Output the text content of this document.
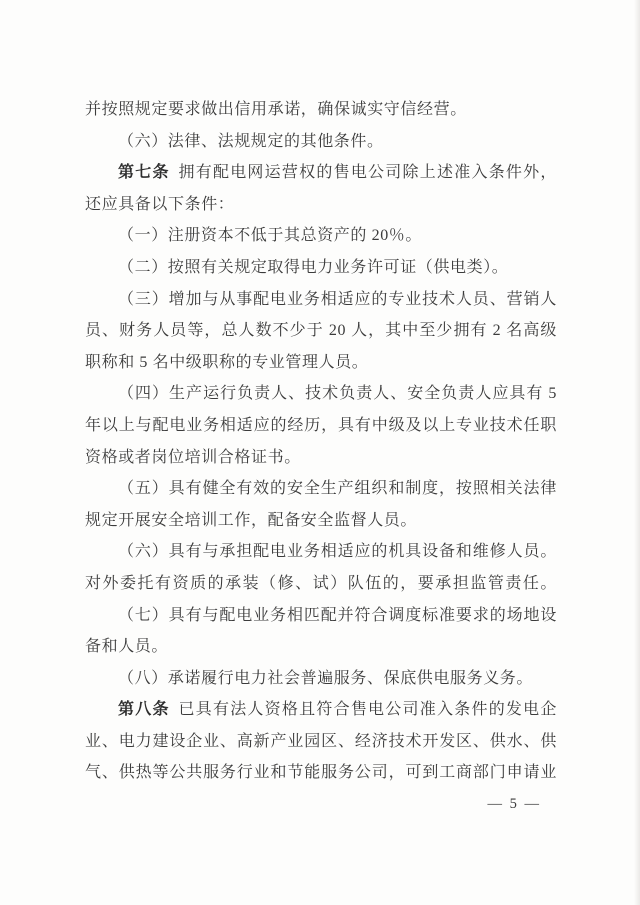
并按照规定要求做出信用承诺，确保诚实守信经营。
（六）法律、法规规定的其他条件。
第七条 拥有配电网运营权的售电公司除上述准入条件外，
还应具备以下条件：
（一）注册资本不低于其总资产的 20％。
（二）按照有关规定取得电力业务许可证（供电类）。
（三）增加与从事配电业务相适应的专业技术人员、营销人
员、财务人员等，总人数不少于 20 人，其中至少拥有 2 名高级
职称和 5 名中级职称的专业管理人员。
（四）生产运行负责人、技术负责人、安全负责人应具有 5
年以上与配电业务相适应的经历，具有中级及以上专业技术任职
资格或者岗位培训合格证书。
（五）具有健全有效的安全生产组织和制度，按照相关法律
规定开展安全培训工作，配备安全监督人员。
（六）具有与承担配电业务相适应的机具设备和维修人员。
对外委托有资质的承装（修、试）队伍的，要承担监管责任。
（七）具有与配电业务相匹配并符合调度标准要求的场地设
备和人员。
（八）承诺履行电力社会普遍服务、保底供电服务义务。
第八条 已具有法人资格且符合售电公司准入条件的发电企
业、电力建设企业、高新产业园区、经济技术开发区、供水、供
气、供热等公共服务行业和节能服务公司，可到工商部门申请业
— 5 —
